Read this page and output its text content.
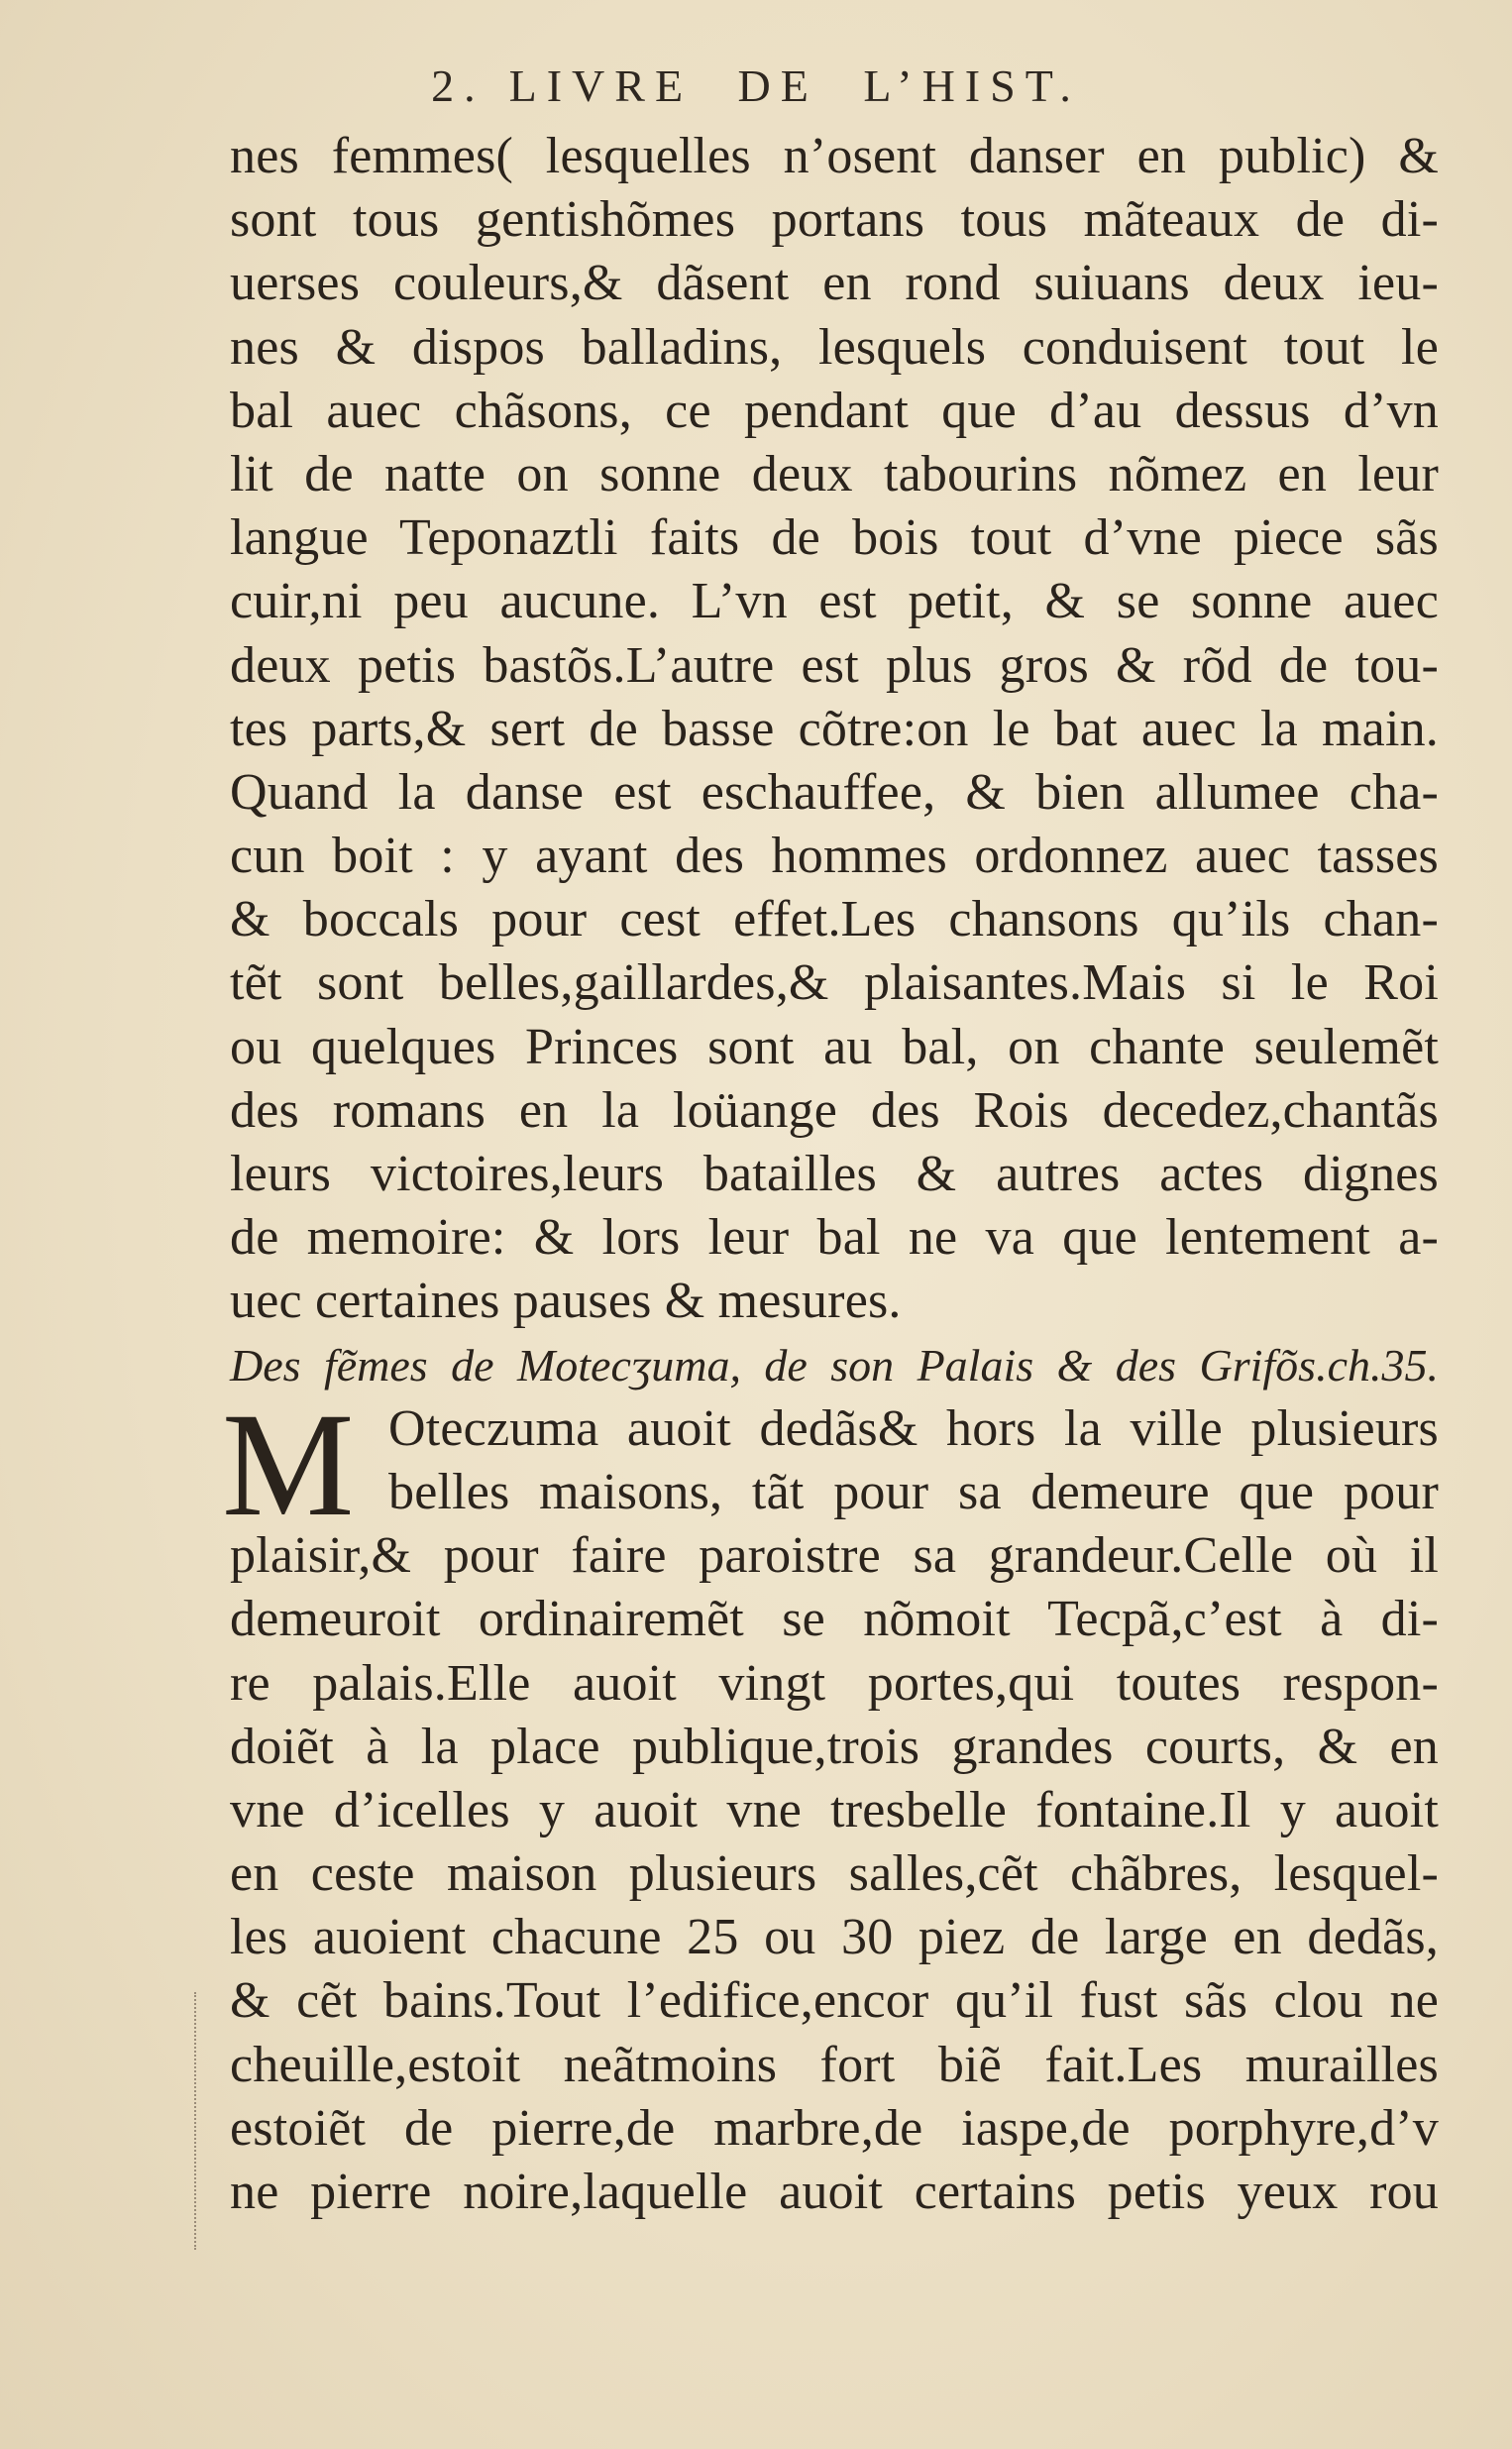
2. LIVRE DE L’HIST.
nes femmes( lesquelles n’osent danser en public) &
sont tous gentishõmes portans tous mãteaux de di-
uerses couleurs,& dãsent en rond suiuans deux ieu-
nes & dispos balladins, lesquels conduisent tout le
bal auec chãsons, ce pendant que d’au dessus d’vn
lit de natte on sonne deux tabourins nõmez en leur
langue Teponaztli faits de bois tout d’vne piece sãs
cuir,ni peu aucune. L’vn est petit, & se sonne auec
deux petis bastõs.L’autre est plus gros & rõd de tou-
tes parts,& sert de basse cõtre:on le bat auec la main.
Quand la danse est eschauffee, & bien allumee cha-
cun boit : y ayant des hommes ordonnez auec tasses
& boccals pour cest effet.Les chansons qu’ils chan-
tẽt sont belles,gaillardes,& plaisantes.Mais si le Roi
ou quelques Princes sont au bal, on chante seulemẽt
des romans en la loüange des Rois decedez,chantãs
leurs victoires,leurs batailles & autres actes dignes
de memoire: & lors leur bal ne va que lentement a-
uec certaines pauses & mesures.
Des fẽmes de Motecʒuma, de son Palais & des Grifõs.ch.35.
M Oteczuma auoit dedãs& hors la ville plusieurs
belles maisons, tãt pour sa demeure que pour
plaisir,& pour faire paroistre sa grandeur.Celle où il
demeuroit ordinairemẽt se nõmoit Tecpã,c’est à di-
re palais.Elle auoit vingt portes,qui toutes respon-
doiẽt à la place publique,trois grandes courts, & en
vne d’icelles y auoit vne tresbelle fontaine.Il y auoit
en ceste maison plusieurs salles,cẽt chãbres, lesquel-
les auoient chacune 25 ou 30 piez de large en dedãs,
& cẽt bains.Tout l’edifice,encor qu’il fust sãs clou ne
cheuille,estoit neãtmoins fort biẽ fait.Les murailles
estoiẽt de pierre,de marbre,de iaspe,de porphyre,d’v
ne pierre noire,laquelle auoit certains petis yeux rou
